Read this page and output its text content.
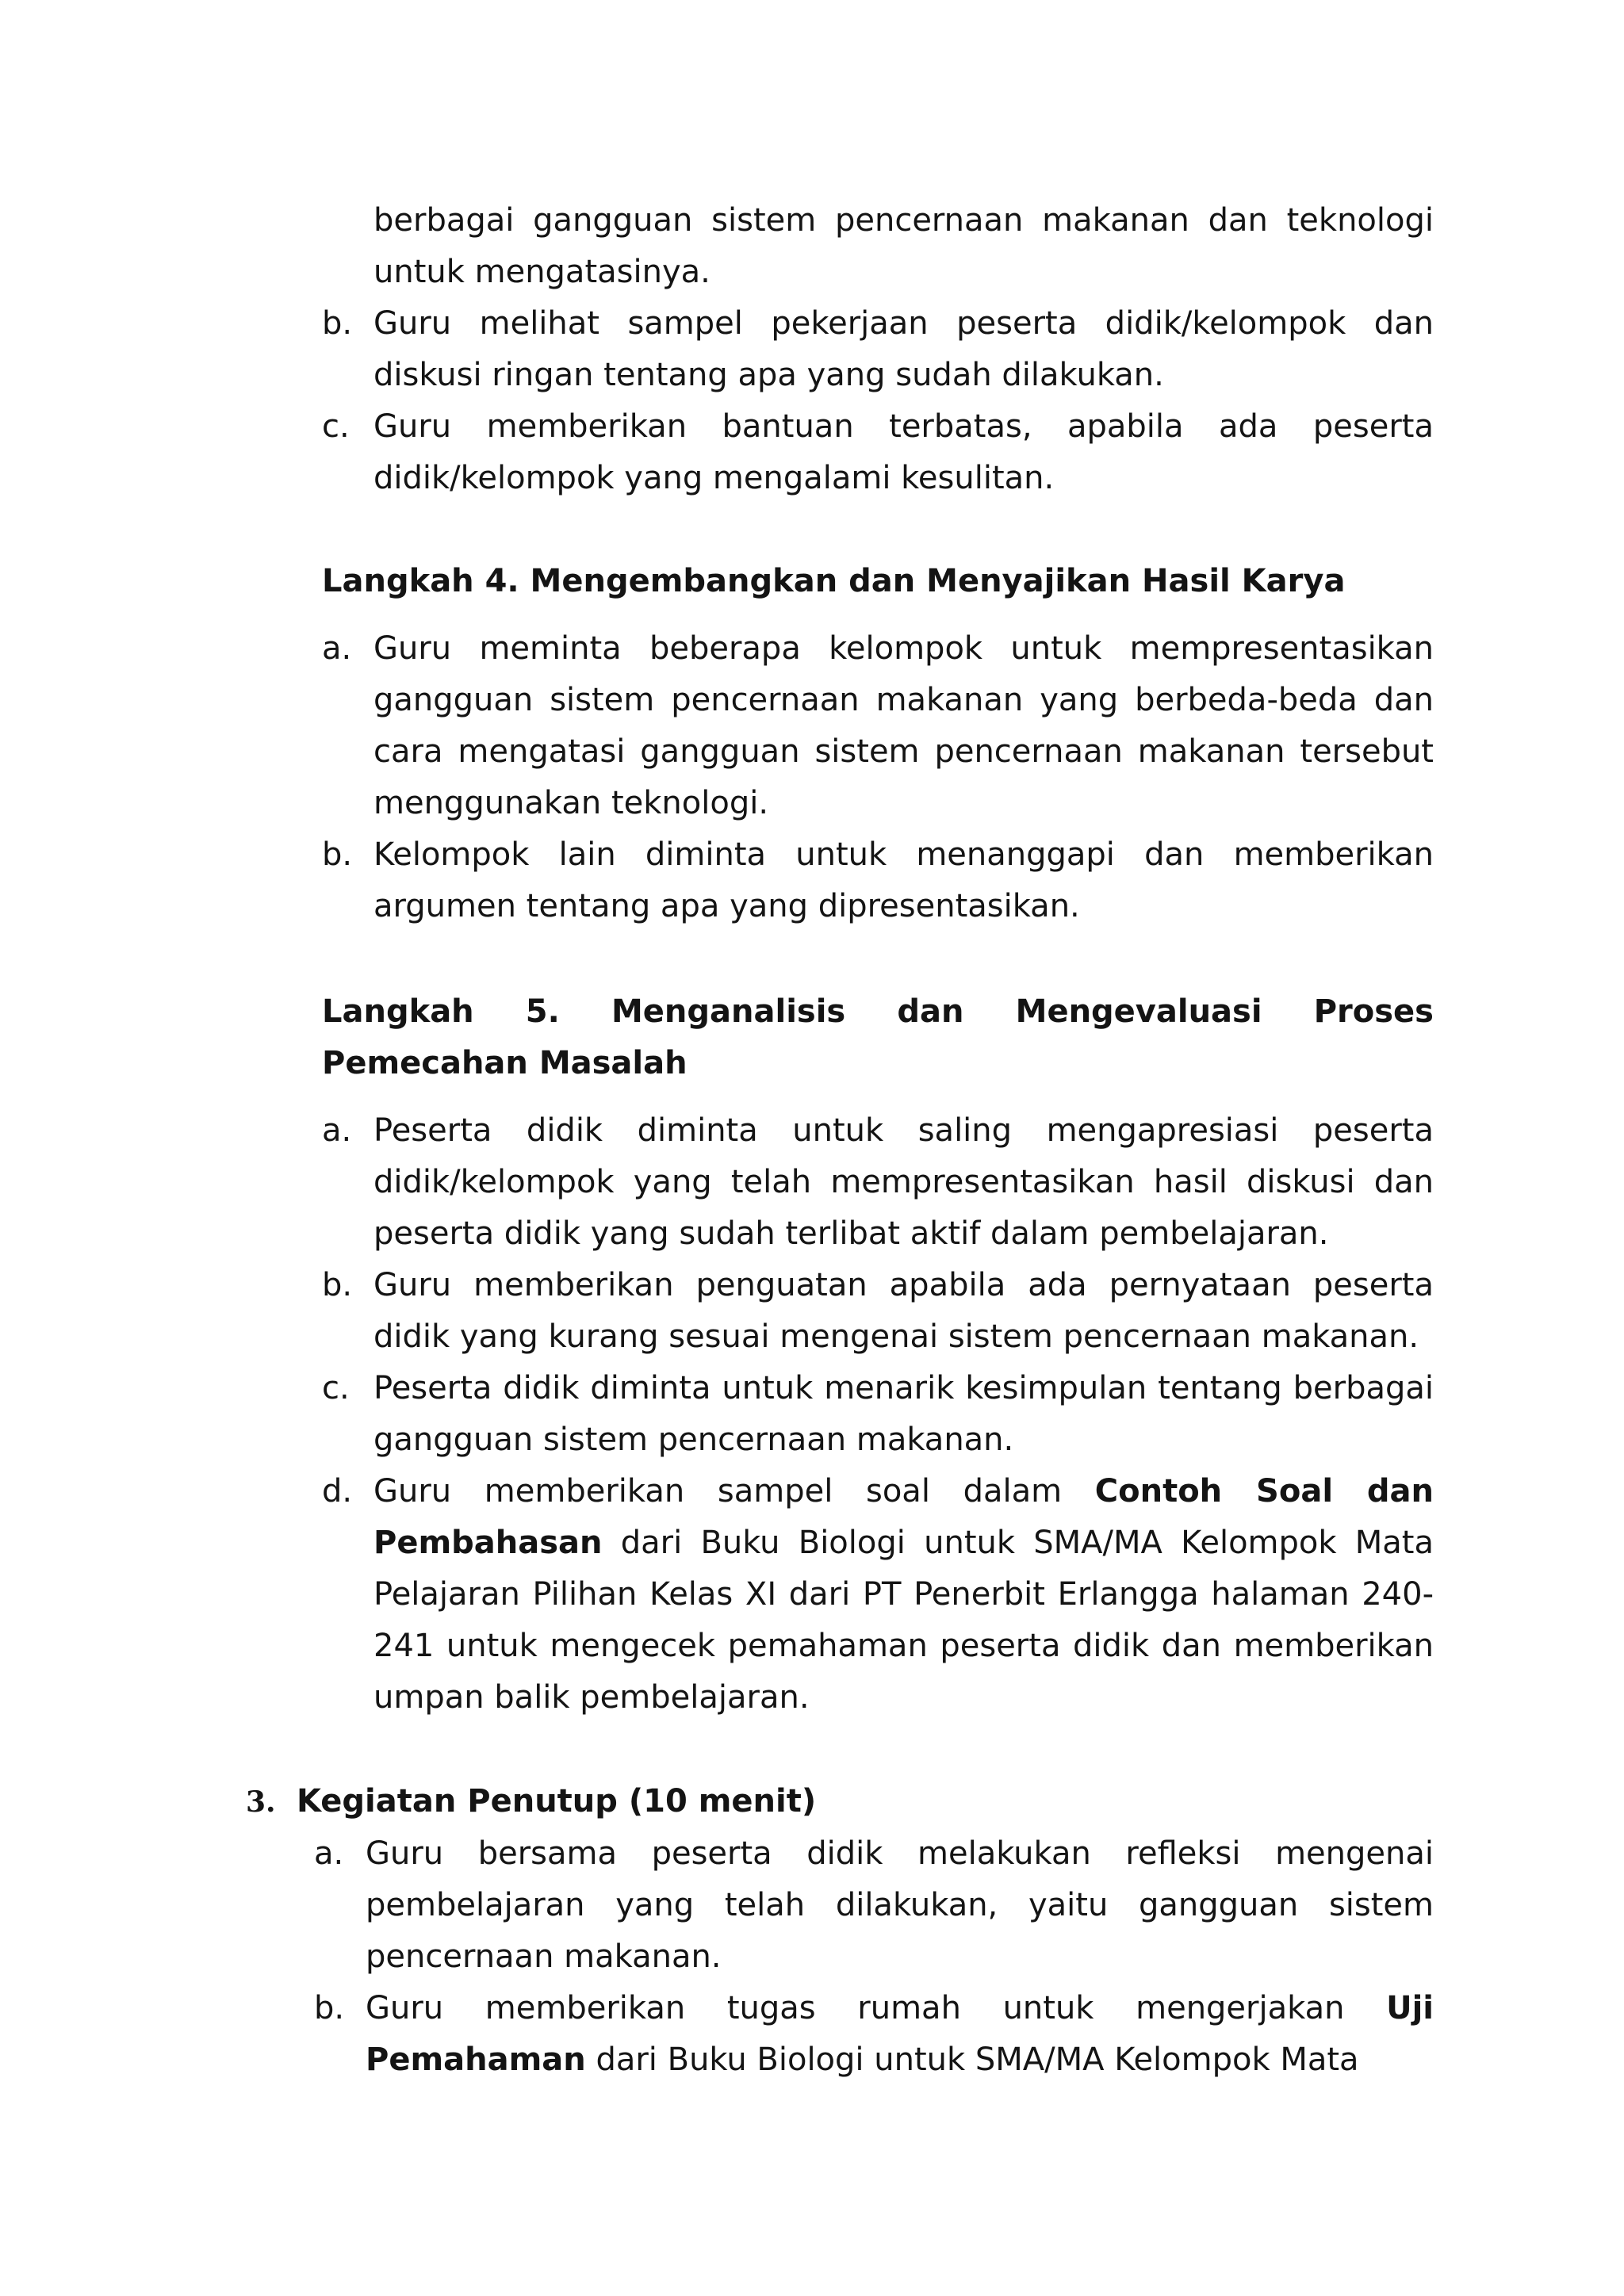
berbagai gangguan sistem pencernaan makanan dan teknologi untuk mengatasinya.
b. Guru melihat sampel pekerjaan peserta didik/kelompok dan diskusi ringan tentang apa yang sudah dilakukan.
c. Guru memberikan bantuan terbatas, apabila ada peserta didik/kelompok yang mengalami kesulitan.

Langkah 4. Mengembangkan dan Menyajikan Hasil Karya

a. Guru meminta beberapa kelompok untuk mempresentasikan gangguan sistem pencernaan makanan yang berbeda-beda dan cara mengatasi gangguan sistem pencernaan makanan tersebut menggunakan teknologi.
b. Kelompok lain diminta untuk menanggapi dan memberikan argumen tentang apa yang dipresentasikan.

Langkah 5. Menganalisis dan Mengevaluasi Proses Pemecahan Masalah

a. Peserta didik diminta untuk saling mengapresiasi peserta didik/kelompok yang telah mempresentasikan hasil diskusi dan peserta didik yang sudah terlibat aktif dalam pembelajaran.
b. Guru memberikan penguatan apabila ada pernyataan peserta didik yang kurang sesuai mengenai sistem pencernaan makanan.
c. Peserta didik diminta untuk menarik kesimpulan tentang berbagai gangguan sistem pencernaan makanan.
d. Guru memberikan sampel soal dalam Contoh Soal dan Pembahasan dari Buku Biologi untuk SMA/MA Kelompok Mata Pelajaran Pilihan Kelas XI dari PT Penerbit Erlangga halaman 240-241 untuk mengecek pemahaman peserta didik dan memberikan umpan balik pembelajaran.

3. Kegiatan Penutup (10 menit)

a. Guru bersama peserta didik melakukan refleksi mengenai pembelajaran yang telah dilakukan, yaitu gangguan sistem pencernaan makanan.
b. Guru memberikan tugas rumah untuk mengerjakan Uji Pemahaman dari Buku Biologi untuk SMA/MA Kelompok Mata
